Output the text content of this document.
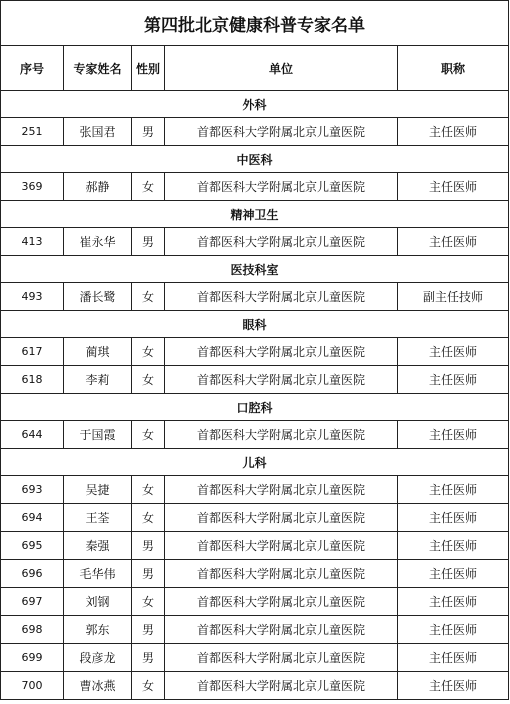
第四批北京健康科普专家名单				
序号	专家姓名	性别	单位	职称
外科				
251	张国君	男	首都医科大学附属北京儿童医院	主任医师
中医科				
369	郝静	女	首都医科大学附属北京儿童医院	主任医师
精神卫生				
413	崔永华	男	首都医科大学附属北京儿童医院	主任医师
医技科室				
493	潘长鹭	女	首都医科大学附属北京儿童医院	副主任技师
眼科				
617	蔺琪	女	首都医科大学附属北京儿童医院	主任医师
618	李莉	女	首都医科大学附属北京儿童医院	主任医师
口腔科				
644	于国霞	女	首都医科大学附属北京儿童医院	主任医师
儿科				
693	吴捷	女	首都医科大学附属北京儿童医院	主任医师
694	王荃	女	首都医科大学附属北京儿童医院	主任医师
695	秦强	男	首都医科大学附属北京儿童医院	主任医师
696	毛华伟	男	首都医科大学附属北京儿童医院	主任医师
697	刘钢	女	首都医科大学附属北京儿童医院	主任医师
698	郭东	男	首都医科大学附属北京儿童医院	主任医师
699	段彦龙	男	首都医科大学附属北京儿童医院	主任医师
700	曹冰燕	女	首都医科大学附属北京儿童医院	主任医师
